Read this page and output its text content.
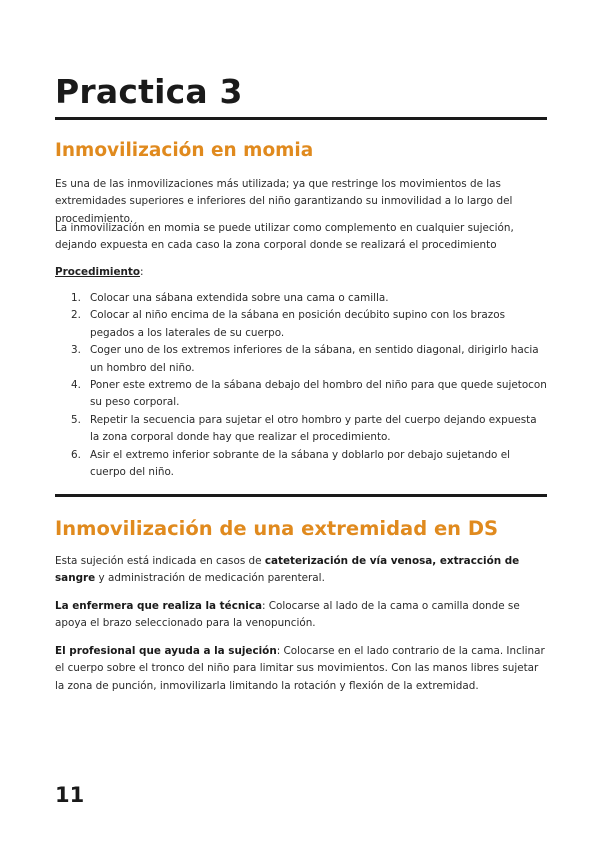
Practica 3
Inmovilización en momia

Es una de las inmovilizaciones más utilizada; ya que restringe los movimientos de las extremidades superiores e inferiores del niño garantizando su inmovilidad a lo largo del procedimiento.

La inmovilización en momia se puede utilizar como complemento en cualquier sujeción, dejando expuesta en cada caso la zona corporal donde se realizará el procedimiento

Procedimiento:
1. Colocar una sábana extendida sobre una cama o camilla.
2. Colocar al niño encima de la sábana en posición decúbito supino con los brazos pegados a los laterales de su cuerpo.
3. Coger uno de los extremos inferiores de la sábana, en sentido diagonal, dirigirlo hacia un hombro del niño.
4. Poner este extremo de la sábana debajo del hombro del niño para que quede sujetocon su peso corporal.
5. Repetir la secuencia para sujetar el otro hombro y parte del cuerpo dejando expuesta la zona corporal donde hay que realizar el procedimiento.
6. Asir el extremo inferior sobrante de la sábana y doblarlo por debajo sujetando el cuerpo del niño.
Inmovilización de una extremidad en DS

Esta sujeción está indicada en casos de cateterización de vía venosa, extracción de sangre y administración de medicación parenteral.

La enfermera que realiza la técnica: Colocarse al lado de la cama o camilla donde se apoya el brazo seleccionado para la venopunción.

El profesional que ayuda a la sujeción: Colocarse en el lado contrario de la cama. Inclinar el cuerpo sobre el tronco del niño para limitar sus movimientos. Con las manos libres sujetar la zona de punción, inmovilizarla limitando la rotación y flexión de la extremidad.

11
